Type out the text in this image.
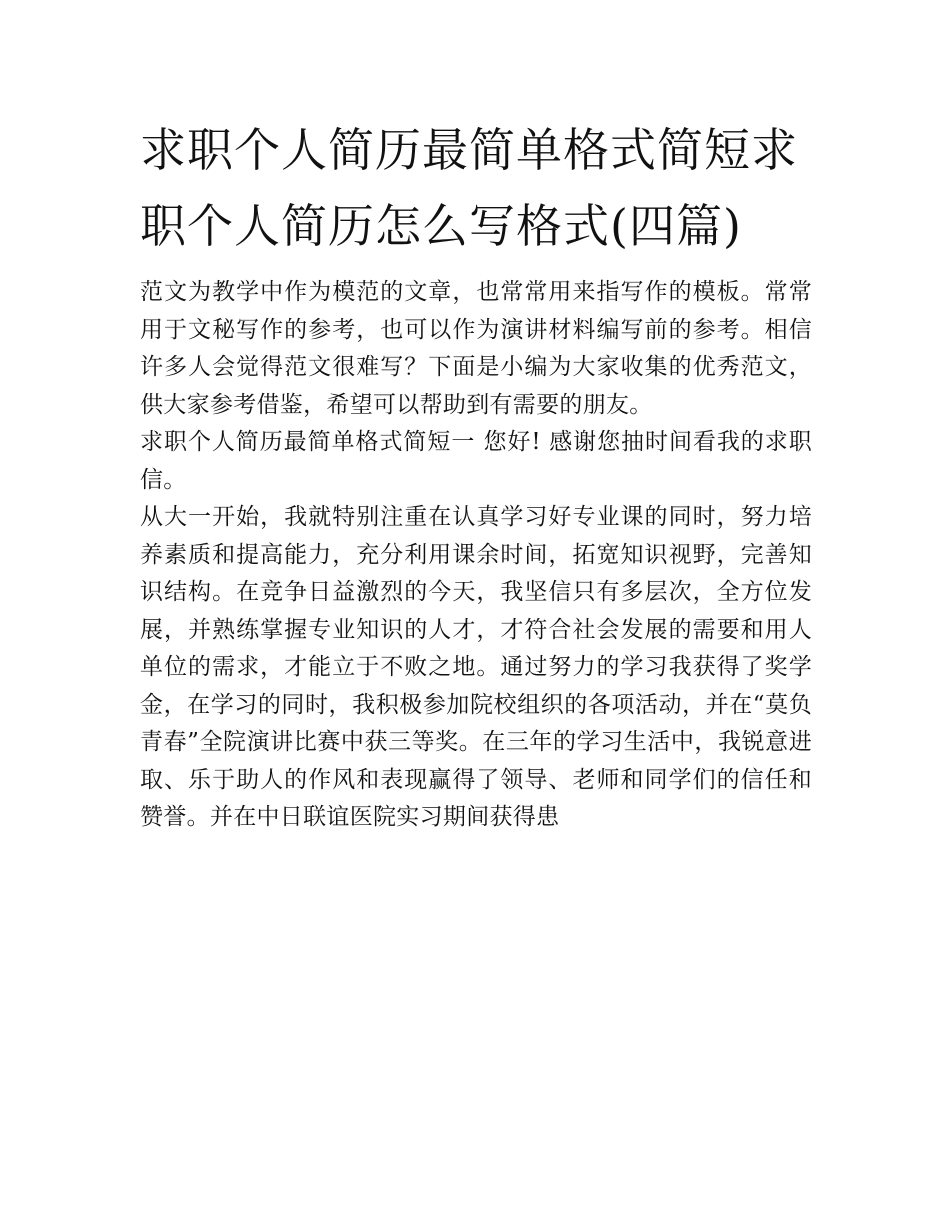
求职个人简历最简单格式简短求职个人简历怎么写格式(四篇)

范文为教学中作为模范的文章，也常常用来指写作的模板。常常用于文秘写作的参考，也可以作为演讲材料编写前的参考。相信许多人会觉得范文很难写？下面是小编为大家收集的优秀范文，供大家参考借鉴，希望可以帮助到有需要的朋友。

求职个人简历最简单格式简短一 您好! 感谢您抽时间看我的求职信。

从大一开始，我就特别注重在认真学习好专业课的同时，努力培养素质和提高能力，充分利用课余时间，拓宽知识视野，完善知识结构。在竞争日益激烈的今天，我坚信只有多层次，全方位发展，并熟练掌握专业知识的人才，才符合社会发展的需要和用人单位的需求，才能立于不败之地。通过努力的学习我获得了奖学金，在学习的同时，我积极参加院校组织的各项活动，并在“莫负青春”全院演讲比赛中获三等奖。在三年的学习生活中，我锐意进取、乐于助人的作风和表现赢得了领导、老师和同学们的信任和赞誉。并在中日联谊医院实习期间获得患
